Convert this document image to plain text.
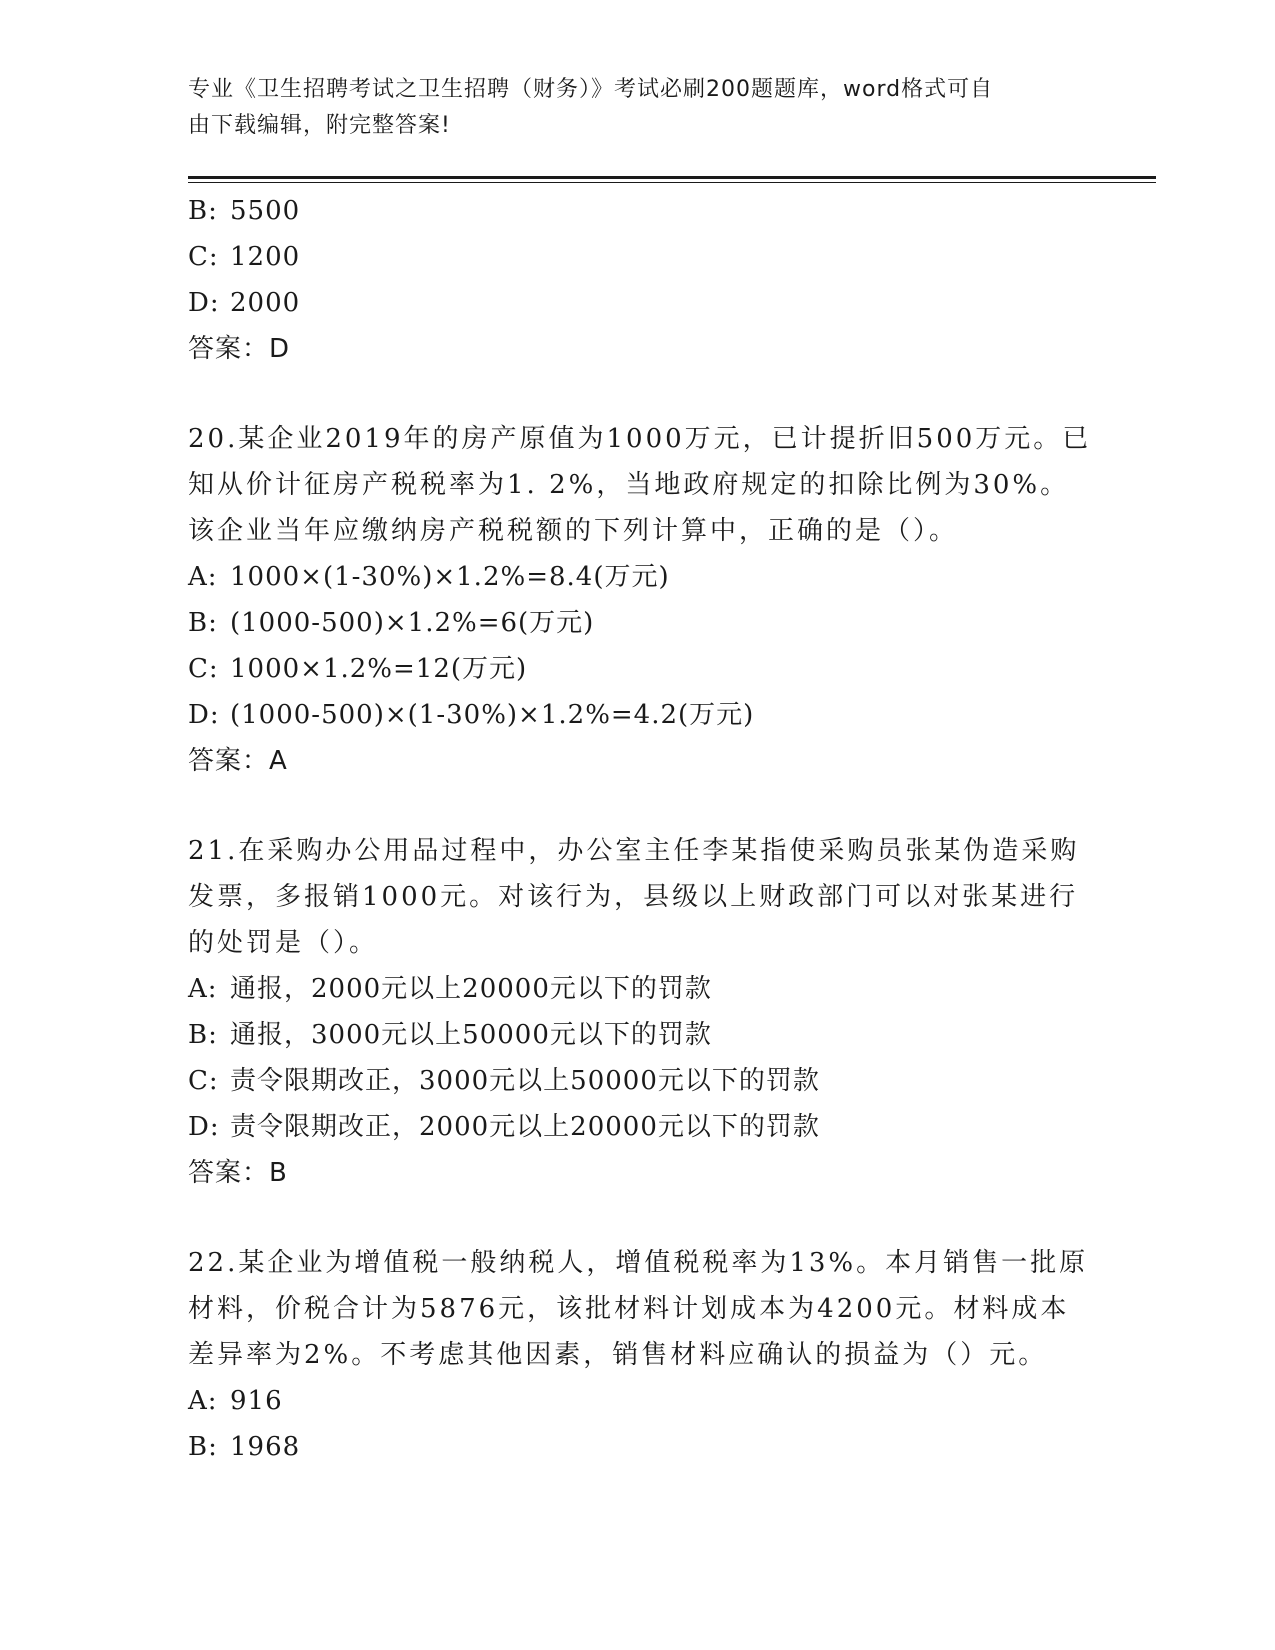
专业《卫生招聘考试之卫生招聘（财务）》考试必刷200题题库，word格式可自
由下载编辑，附完整答案!
B: 5500
C: 1200
D: 2000
答案：D
20.某企业2019年的房产原值为1000万元，已计提折旧500万元。已
知从价计征房产税税率为1. 2%，当地政府规定的扣除比例为30%。
该企业当年应缴纳房产税税额的下列计算中，正确的是（）。
A: 1000×(1-30%)×1.2%=8.4(万元)
B: (1000-500)×1.2%=6(万元)
C: 1000×1.2%=12(万元)
D: (1000-500)×(1-30%)×1.2%=4.2(万元)
答案：A
21.在采购办公用品过程中，办公室主任李某指使采购员张某伪造采购
发票，多报销1000元。对该行为，县级以上财政部门可以对张某进行
的处罚是（）。
A: 通报，2000元以上20000元以下的罚款
B: 通报，3000元以上50000元以下的罚款
C: 责令限期改正，3000元以上50000元以下的罚款
D: 责令限期改正，2000元以上20000元以下的罚款
答案：B
22.某企业为增值税一般纳税人，增值税税率为13%。本月销售一批原
材料，价税合计为5876元，该批材料计划成本为4200元。材料成本
差异率为2%。不考虑其他因素，销售材料应确认的损益为（）元。
A: 916
B: 1968
